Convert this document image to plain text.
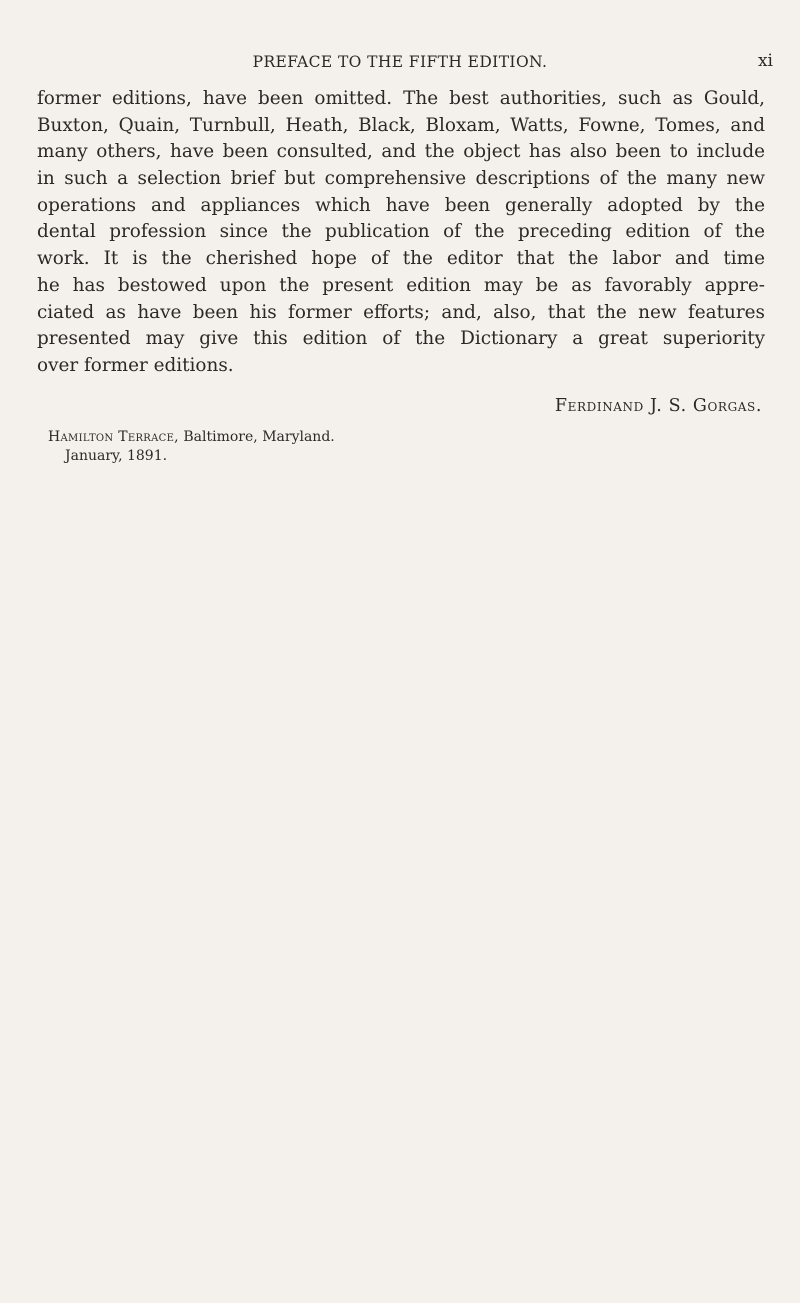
PREFACE TO THE FIFTH EDITION.	xi
former editions, have been omitted. The best authorities, such as Gould,
Buxton, Quain, Turnbull, Heath, Black, Bloxam, Watts, Fowne, Tomes, and
many others, have been consulted, and the object has also been to include
in such a selection brief but comprehensive descriptions of the many new
operations and appliances which have been generally adopted by the
dental profession since the publication of the preceding edition of the
work. It is the cherished hope of the editor that the labor and time
he has bestowed upon the present edition may be as favorably appre-
ciated as have been his former efforts; and, also, that the new features
presented may give this edition of the Dictionary a great superiority
over former editions.
Ferdinand J. S. Gorgas.
Hamilton Terrace, Baltimore, Maryland.
January, 1891.
